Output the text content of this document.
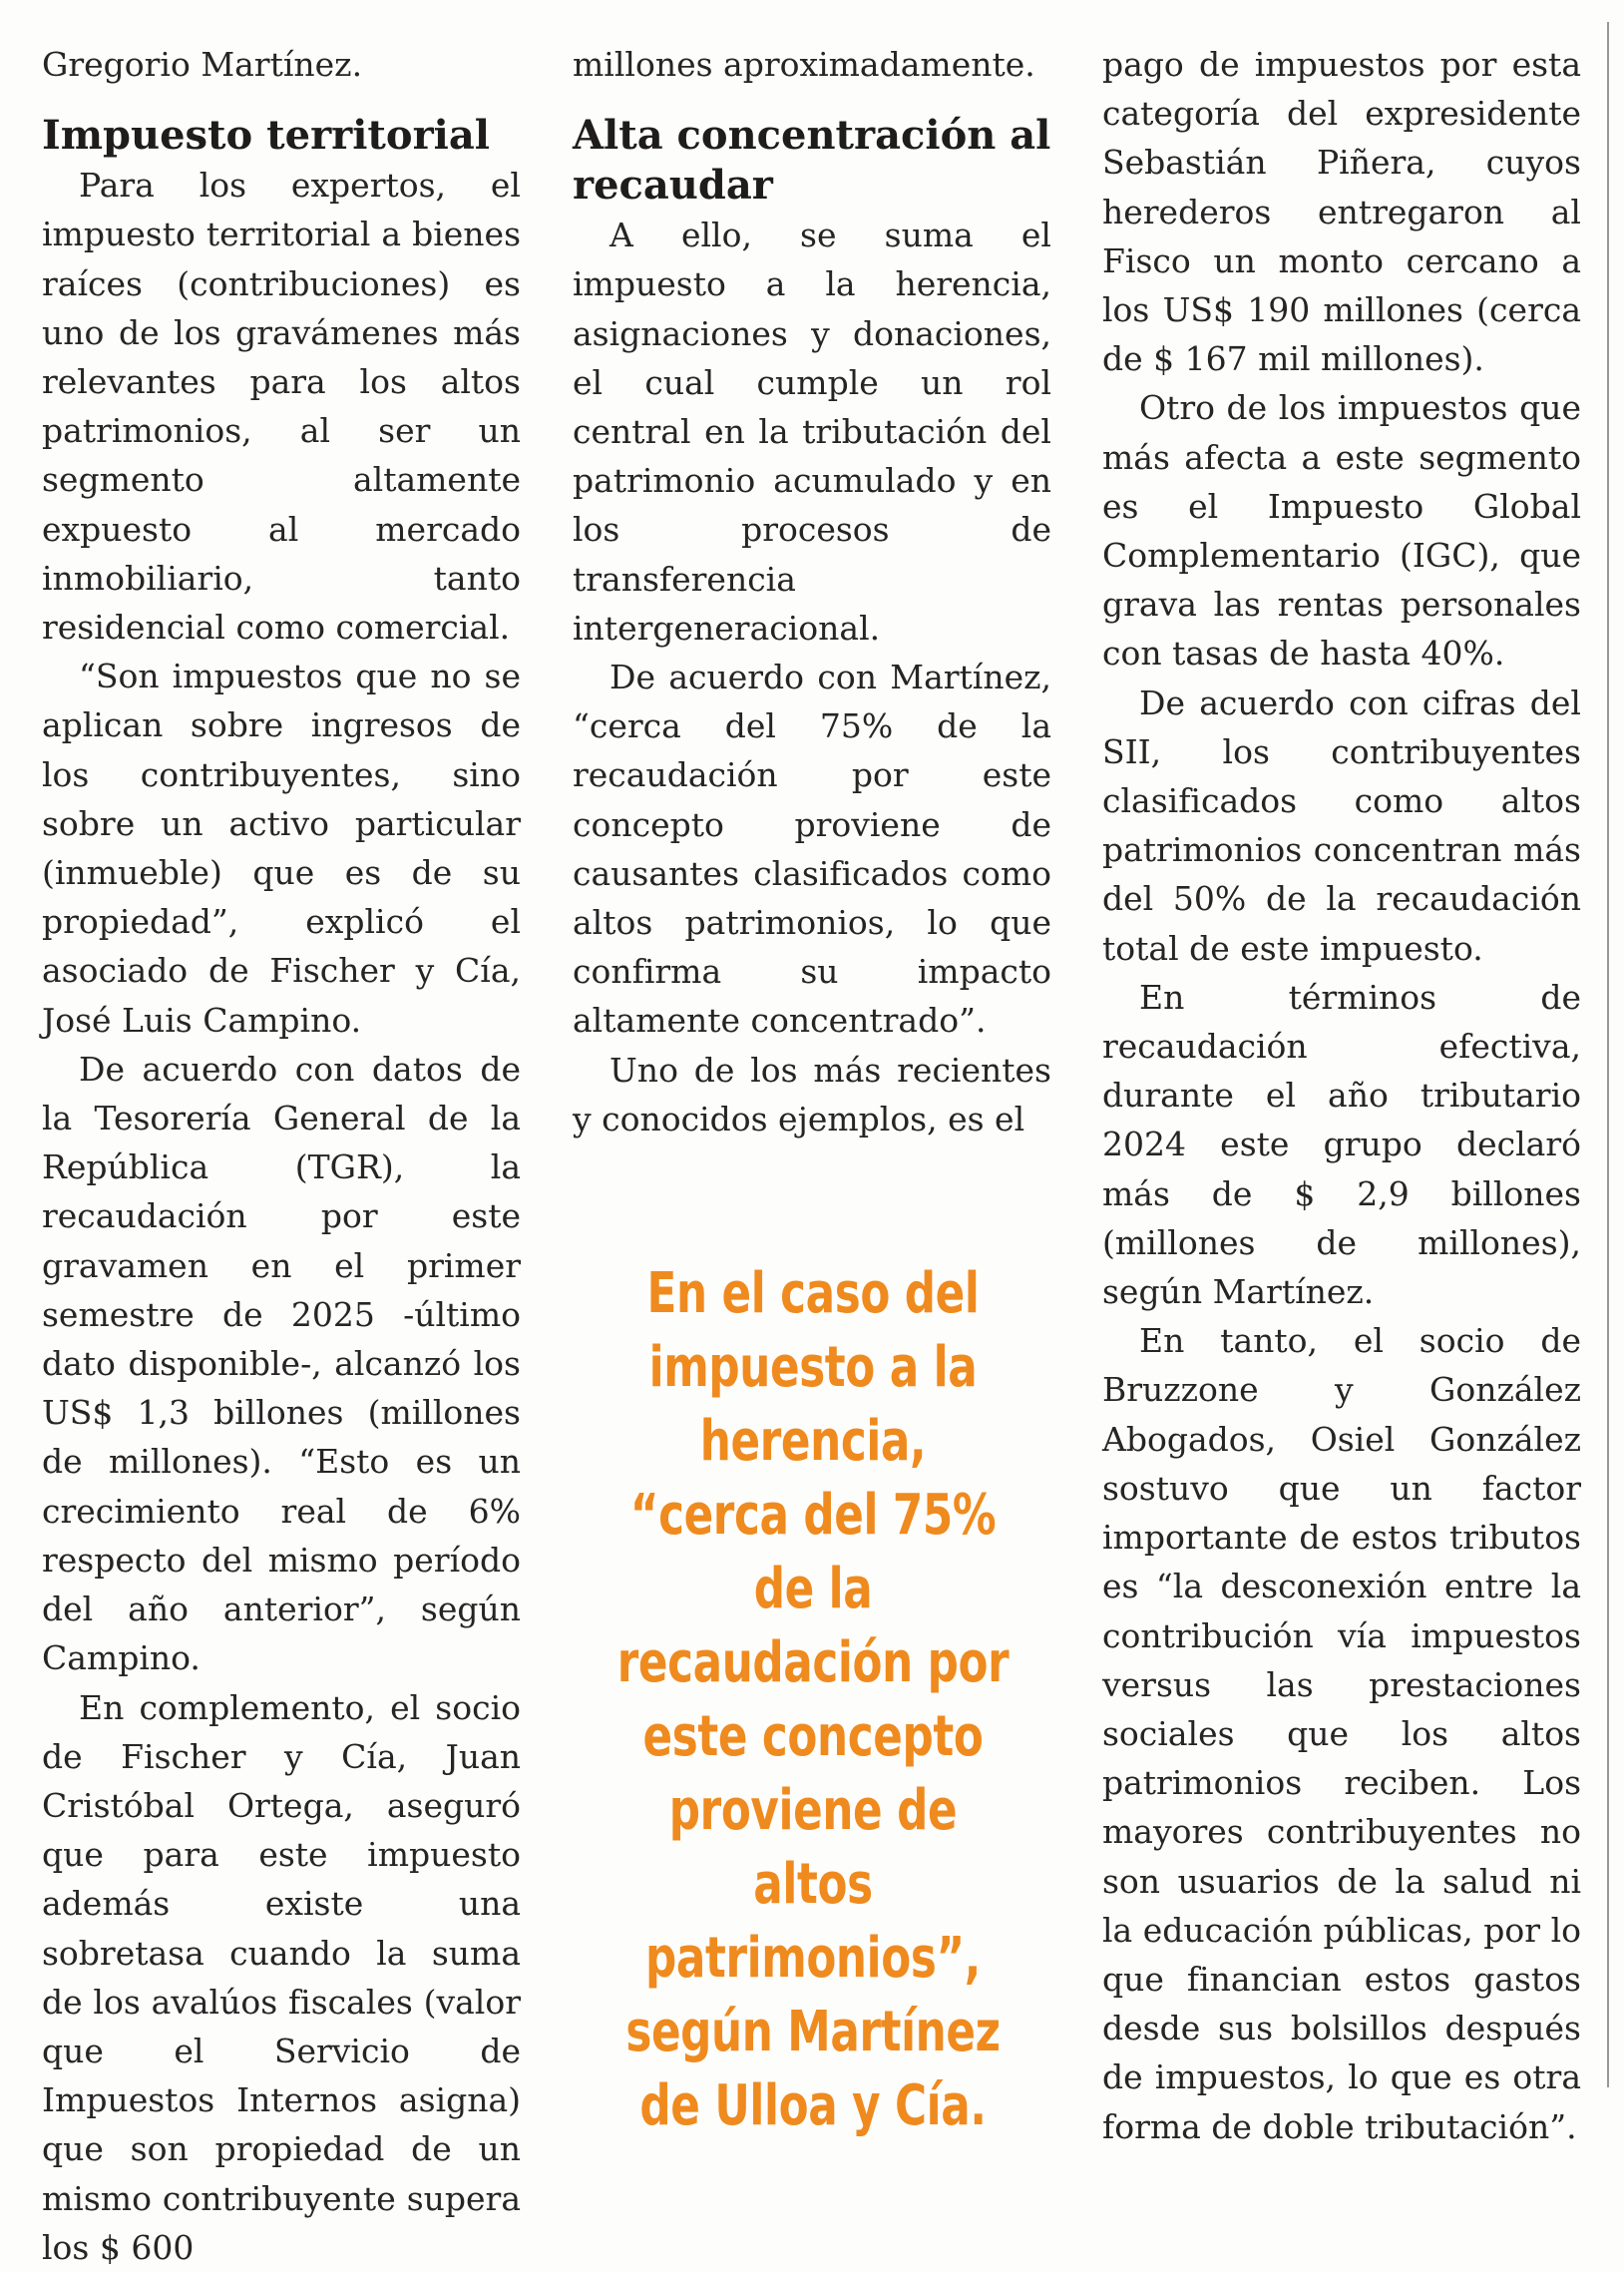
Gregorio Martínez.

Impuesto territorial

Para los expertos, el impuesto territorial a bienes raíces (contribuciones) es uno de los gravámenes más relevantes para los altos patrimonios, al ser un segmento altamente expuesto al mercado inmobiliario, tanto residencial como comercial.

“Son impuestos que no se aplican sobre ingresos de los contribuyentes, sino sobre un activo particular (inmueble) que es de su propiedad”, explicó el asociado de Fischer y Cía, José Luis Campino.

De acuerdo con datos de la Tesorería General de la República (TGR), la recaudación por este gravamen en el primer semestre de 2025 -último dato disponible-, alcanzó los US$ 1,3 billones (millones de millones). “Esto es un crecimiento real de 6% respecto del mismo período del año anterior”, según Campino.

En complemento, el socio de Fischer y Cía, Juan Cristóbal Ortega, aseguró que para este impuesto además existe una sobretasa cuando la suma de los avalúos fiscales (valor que el Servicio de Impuestos Internos asigna) que son propiedad de un mismo contribuyente supera los $ 600

millones aproximadamente.

Alta concentración al recaudar

A ello, se suma el impuesto a la herencia, asignaciones y donaciones, el cual cumple un rol central en la tributación del patrimonio acumulado y en los procesos de transferencia intergeneracional.

De acuerdo con Martínez, “cerca del 75% de la recaudación por este concepto proviene de causantes clasificados como altos patrimonios, lo que confirma su impacto altamente concentrado”.

Uno de los más recientes y conocidos ejemplos, es el

En el caso del impuesto a la herencia, “cerca del 75% de la recaudación por este concepto proviene de altos patrimonios”, según Martínez de Ulloa y Cía.

pago de impuestos por esta categoría del expresidente Sebastián Piñera, cuyos herederos entregaron al Fisco un monto cercano a los US$ 190 millones (cerca de $ 167 mil millones).

Otro de los impuestos que más afecta a este segmento es el Impuesto Global Complementario (IGC), que grava las rentas personales con tasas de hasta 40%.

De acuerdo con cifras del SII, los contribuyentes clasificados como altos patrimonios concentran más del 50% de la recaudación total de este impuesto.

En términos de recaudación efectiva, durante el año tributario 2024 este grupo declaró más de $ 2,9 billones (millones de millones), según Martínez.

En tanto, el socio de Bruzzone y González Abogados, Osiel González sostuvo que un factor importante de estos tributos es “la desconexión entre la contribución vía impuestos versus las prestaciones sociales que los altos patrimonios reciben. Los mayores contribuyentes no son usuarios de la salud ni la educación públicas, por lo que financian estos gastos desde sus bolsillos después de impuestos, lo que es otra forma de doble tributación”.
